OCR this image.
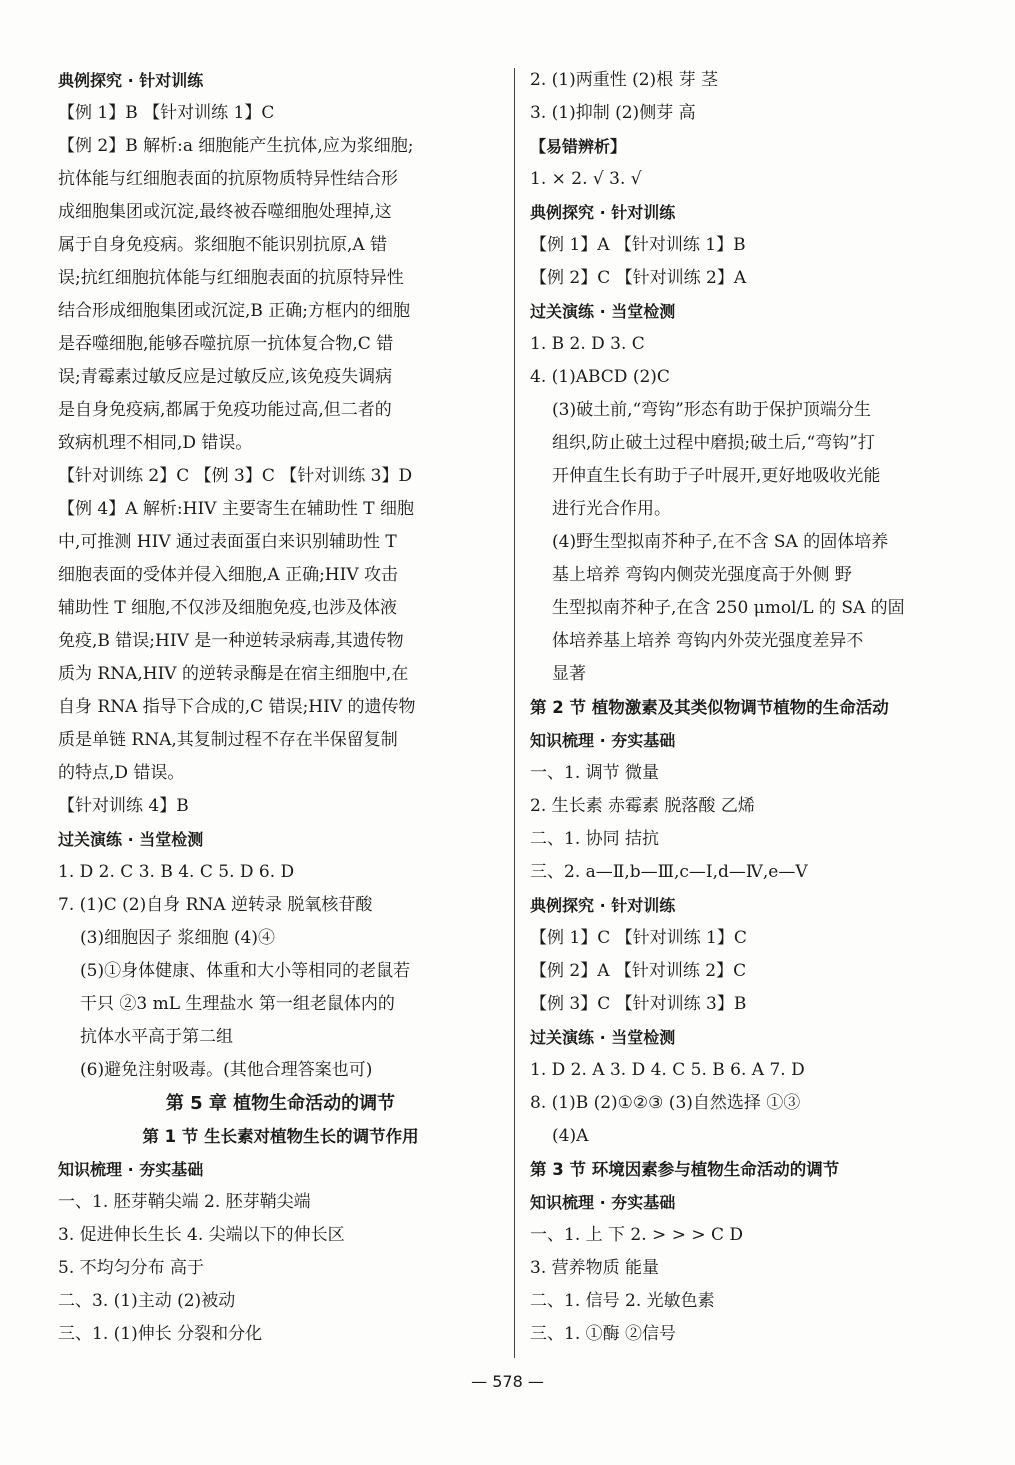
典例探究 · 针对训练
【例 1】B 【针对训练 1】C
【例 2】B 解析:a 细胞能产生抗体,应为浆细胞;
抗体能与红细胞表面的抗原物质特异性结合形
成细胞集团或沉淀,最终被吞噬细胞处理掉,这
属于自身免疫病。浆细胞不能识别抗原,A 错
误;抗红细胞抗体能与红细胞表面的抗原特异性
结合形成细胞集团或沉淀,B 正确;方框内的细胞
是吞噬细胞,能够吞噬抗原一抗体复合物,C 错
误;青霉素过敏反应是过敏反应,该免疫失调病
是自身免疫病,都属于免疫功能过高,但二者的
致病机理不相同,D 错误。
【针对训练 2】C 【例 3】C 【针对训练 3】D
【例 4】A 解析:HIV 主要寄生在辅助性 T 细胞
中,可推测 HIV 通过表面蛋白来识别辅助性 T
细胞表面的受体并侵入细胞,A 正确;HIV 攻击
辅助性 T 细胞,不仅涉及细胞免疫,也涉及体液
免疫,B 错误;HIV 是一种逆转录病毒,其遗传物
质为 RNA,HIV 的逆转录酶是在宿主细胞中,在
自身 RNA 指导下合成的,C 错误;HIV 的遗传物
质是单链 RNA,其复制过程不存在半保留复制
的特点,D 错误。
【针对训练 4】B
过关演练 · 当堂检测
1. D 2. C 3. B 4. C 5. D 6. D
7. (1)C (2)自身 RNA 逆转录 脱氧核苷酸
(3)细胞因子 浆细胞 (4)④
(5)①身体健康、体重和大小等相同的老鼠若
干只 ②3 mL 生理盐水 第一组老鼠体内的
抗体水平高于第二组
(6)避免注射吸毒。(其他合理答案也可)
第 5 章 植物生命活动的调节
第 1 节 生长素对植物生长的调节作用
知识梳理 · 夯实基础
一、1. 胚芽鞘尖端 2. 胚芽鞘尖端
3. 促进伸长生长 4. 尖端以下的伸长区
5. 不均匀分布 高于
二、3. (1)主动 (2)被动
三、1. (1)伸长 分裂和分化
2. (1)两重性 (2)根 芽 茎
3. (1)抑制 (2)侧芽 高
【易错辨析】
1. × 2. √ 3. √
典例探究 · 针对训练
【例 1】A 【针对训练 1】B
【例 2】C 【针对训练 2】A
过关演练 · 当堂检测
1. B 2. D 3. C
4. (1)ABCD (2)C
(3)破土前,“弯钩”形态有助于保护顶端分生
组织,防止破土过程中磨损;破土后,“弯钩”打
开伸直生长有助于子叶展开,更好地吸收光能
进行光合作用。
(4)野生型拟南芥种子,在不含 SA 的固体培养
基上培养 弯钩内侧荧光强度高于外侧 野
生型拟南芥种子,在含 250 μmol/L 的 SA 的固
体培养基上培养 弯钩内外荧光强度差异不
显著
第 2 节 植物激素及其类似物调节植物的生命活动
知识梳理 · 夯实基础
一、1. 调节 微量
2. 生长素 赤霉素 脱落酸 乙烯
二、1. 协同 拮抗
三、2. a—Ⅱ,b—Ⅲ,c—Ⅰ,d—Ⅳ,e—Ⅴ
典例探究 · 针对训练
【例 1】C 【针对训练 1】C
【例 2】A 【针对训练 2】C
【例 3】C 【针对训练 3】B
过关演练 · 当堂检测
1. D 2. A 3. D 4. C 5. B 6. A 7. D
8. (1)B (2)①②③ (3)自然选择 ①③
(4)A
第 3 节 环境因素参与植物生命活动的调节
知识梳理 · 夯实基础
一、1. 上 下 2. > > > C D
3. 营养物质 能量
二、1. 信号 2. 光敏色素
三、1. ①酶 ②信号
— 578 —
